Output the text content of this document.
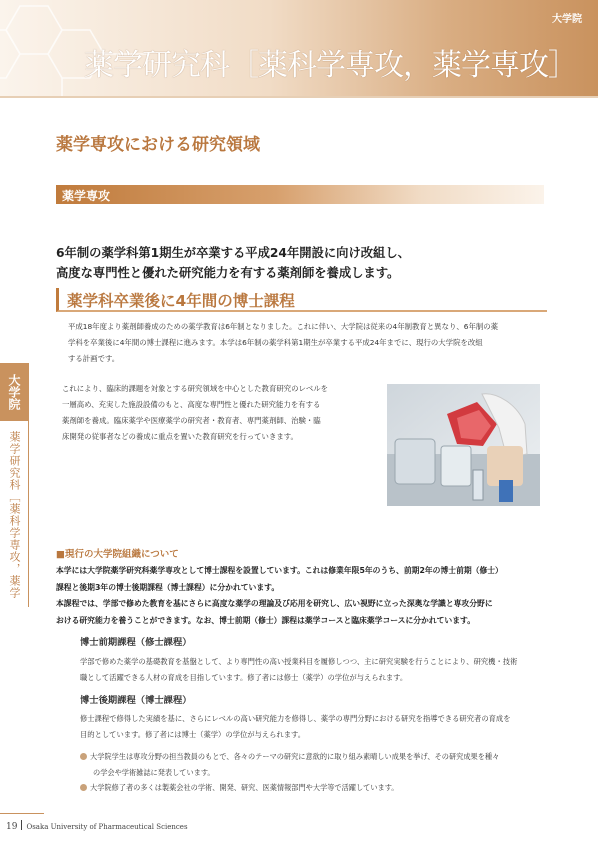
大学院
薬学研究科［薬科学専攻，薬学専攻］
薬学専攻における研究領域
薬学専攻

6年制の薬学科第1期生が卒業する平成24年開設に向け改組し、

高度な専門性と優れた研究能力を有する薬剤師を養成します。

薬学科卒業後に4年間の博士課程

平成18年度より薬剤師養成のための薬学教育は6年制となりました。これに伴い、大学院は従来の4年制教育と異なり、6年制の薬

学科を卒業後に4年間の博士課程に進みます。本学は6年制の薬学科第1期生が卒業する平成24年までに、現行の大学院を改組

する計画です。

これにより、臨床的課題を対象とする研究領域を中心とした教育研究のレベルを

一層高め、充実した施設設備のもと、高度な専門性と優れた研究能力を有する

薬剤師を養成。臨床薬学や医療薬学の研究者・教育者、専門薬剤師、治験・臨

床開発の従事者などの養成に重点を置いた教育研究を行っていきます。

■現行の大学院組織について

本学には大学院薬学研究科薬学専攻として博士課程を設置しています。これは修業年限5年のうち、前期2年の博士前期（修士）

課程と後期3年の博士後期課程（博士課程）に分かれています。

本課程では、学部で修めた教育を基にさらに高度な薬学の理論及び応用を研究し、広い視野に立った深奥な学識と専攻分野に

おける研究能力を養うことができます。なお、博士前期（修士）課程は薬学コースと臨床薬学コースに分かれています。

博士前期課程（修士課程）

学部で修めた薬学の基礎教育を基盤として、より専門性の高い授業科目を履修しつつ、主に研究実験を行うことにより、研究機・技術

職として活躍できる人材の育成を目指しています。修了者には修士（薬学）の学位が与えられます。

博士後期課程（博士課程）

修士課程で修得した実績を基に、さらにレベルの高い研究能力を修得し、薬学の専門分野における研究を指導できる研究者の育成を

目的としています。修了者には博士（薬学）の学位が与えられます。

大学院学生は専攻分野の担当教員のもとで、各々のテーマの研究に意欲的に取り組み素晴しい成果を挙げ、その研究成果を種々

の学会や学術雑誌に発表しています。

大学院修了者の多くは製薬会社の学術、開発、研究、医薬情報部門や大学等で活躍しています。

大学院
薬学研究科［薬科学専攻，薬学
19 Osaka University of Pharmaceutical Sciences
